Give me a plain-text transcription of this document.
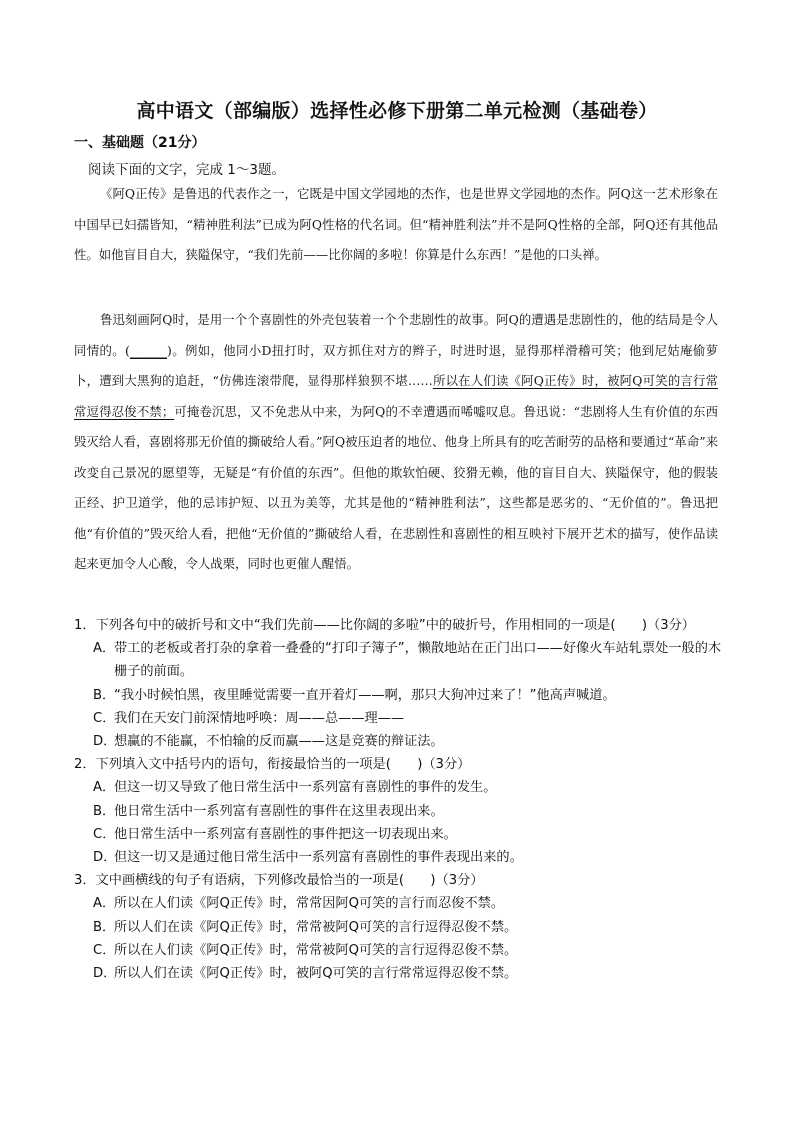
高中语文（部编版）选择性必修下册第二单元检测（基础卷）
一、基础题（21分）
阅读下面的文字，完成 1～3题。

《阿Q正传》是鲁迅的代表作之一，它既是中国文学园地的杰作，也是世界文学园地的杰作。阿Q这一艺术形象在中国早已妇孺皆知，“精神胜利法”已成为阿Q性格的代名词。但“精神胜利法”并不是阿Q性格的全部，阿Q还有其他品性。如他盲目自大，狭隘保守，“我们先前——比你阔的多啦！你算是什么东西！”是他的口头禅。

鲁迅刻画阿Q时，是用一个个喜剧性的外壳包装着一个个悲剧性的故事。阿Q的遭遇是悲剧性的，他的结局是令人同情的。(______)。例如，他同小D扭打时，双方抓住对方的辫子，时进时退，显得那样滑稽可笑；他到尼姑庵偷萝卜，遭到大黑狗的追赶，“仿佛连滚带爬，显得那样狼狈不堪……所以在人们读《阿Q正传》时，被阿Q可笑的言行常常逗得忍俊不禁；可掩卷沉思，又不免悲从中来，为阿Q的不幸遭遇而唏嘘叹息。鲁迅说：“悲剧将人生有价值的东西毁灭给人看，喜剧将那无价值的撕破给人看。”阿Q被压迫者的地位、他身上所具有的吃苦耐劳的品格和要通过“革命”来改变自己景况的愿望等，无疑是“有价值的东西”。但他的欺软怕硬、狡猾无赖，他的盲目自大、狭隘保守，他的假装正经、护卫道学，他的忌讳护短、以丑为美等，尤其是他的“精神胜利法”，这些都是恶劣的、“无价值的”。鲁迅把他“有价值的”毁灭给人看，把他“无价值的”撕破给人看，在悲剧性和喜剧性的相互映衬下展开艺术的描写，使作品读起来更加令人心酸，令人战栗，同时也更催人醒悟。

1．下列各句中的破折号和文中“我们先前——比你阔的多啦”中的破折号，作用相同的一项是(　　)（3分）

A．带工的老板或者打杂的拿着一叠叠的“打印子簿子”，懒散地站在正门出口——好像火车站轧票处一般的木栅子的前面。

B．“我小时候怕黑，夜里睡觉需要一直开着灯——啊，那只大狗冲过来了！”他高声喊道。

C．我们在天安门前深情地呼唤：周——总——理——

D．想赢的不能赢，不怕输的反而赢——这是竞赛的辩证法。

2．下列填入文中括号内的语句，衔接最恰当的一项是(　　)（3分）

A．但这一切又导致了他日常生活中一系列富有喜剧性的事件的发生。

B．他日常生活中一系列富有喜剧性的事件在这里表现出来。

C．他日常生活中一系列富有喜剧性的事件把这一切表现出来。

D．但这一切又是通过他日常生活中一系列富有喜剧性的事件表现出来的。

3．文中画横线的句子有语病，下列修改最恰当的一项是(　　)（3分）

A．所以在人们读《阿Q正传》时，常常因阿Q可笑的言行而忍俊不禁。

B．所以人们在读《阿Q正传》时，常常被阿Q可笑的言行逗得忍俊不禁。

C．所以在人们读《阿Q正传》时，常常被阿Q可笑的言行逗得忍俊不禁。

D．所以人们在读《阿Q正传》时，被阿Q可笑的言行常常逗得忍俊不禁。
